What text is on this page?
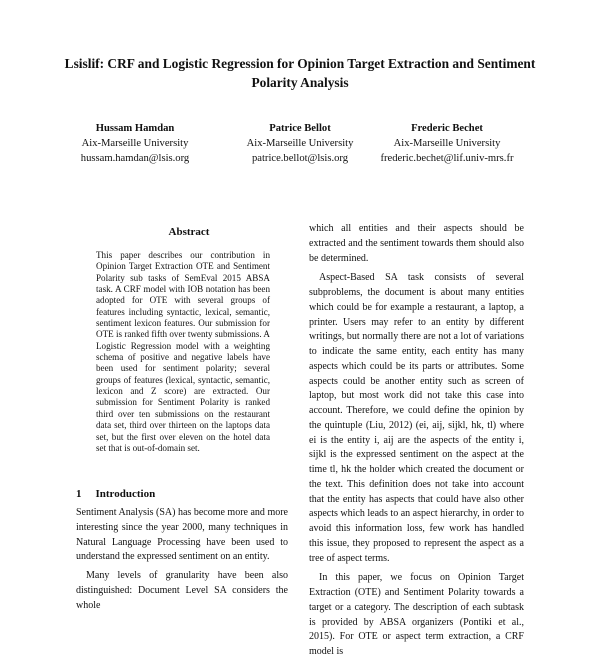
Lsislif: CRF and Logistic Regression for Opinion Target Extraction and Sentiment Polarity Analysis
Hussam Hamdan
Aix-Marseille University
hussam.hamdan@lsis.org
Patrice Bellot
Aix-Marseille University
patrice.bellot@lsis.org
Frederic Bechet
Aix-Marseille University
frederic.bechet@lif.univ-mrs.fr
Abstract
This paper describes our contribution in Opinion Target Extraction OTE and Sentiment Polarity sub tasks of SemEval 2015 ABSA task. A CRF model with IOB notation has been adopted for OTE with several groups of features including syntactic, lexical, semantic, sentiment lexicon features. Our submission for OTE is ranked fifth over twenty submissions. A Logistic Regression model with a weighting schema of positive and negative labels have been used for sentiment polarity; several groups of features (lexical, syntactic, semantic, lexicon and Z score) are extracted. Our submission for Sentiment Polarity is ranked third over ten submissions on the restaurant data set, third over thirteen on the laptops data set, but the first over eleven on the hotel data set that is out-of-domain set.
1 Introduction

Sentiment Analysis (SA) has become more and more interesting since the year 2000, many techniques in Natural Language Processing have been used to understand the expressed sentiment on an entity.

Many levels of granularity have been also distinguished: Document Level SA considers the whole

which all entities and their aspects should be extracted and the sentiment towards them should also be determined.

Aspect-Based SA task consists of several subproblems, the document is about many entities which could be for example a restaurant, a laptop, a printer. Users may refer to an entity by different writings, but normally there are not a lot of variations to indicate the same entity, each entity has many aspects which could be its parts or attributes. Some aspects could be another entity such as screen of laptop, but most work did not take this case into account. Therefore, we could define the opinion by the quintuple (Liu, 2012) (ei, aij, sijkl, hk, tl) where ei is the entity i, aij are the aspects of the entity i, sijkl is the expressed sentiment on the aspect at the time tl, hk the holder which created the document or the text. This definition does not take into account that the entity has aspects that could have also other aspects which leads to an aspect hierarchy, in order to avoid this information loss, few work has handled this issue, they proposed to represent the aspect as a tree of aspect terms.

In this paper, we focus on Opinion Target Extraction (OTE) and Sentiment Polarity towards a target or a category. The description of each subtask is provided by ABSA organizers (Pontiki et al., 2015). For OTE or aspect term extraction, a CRF model is
